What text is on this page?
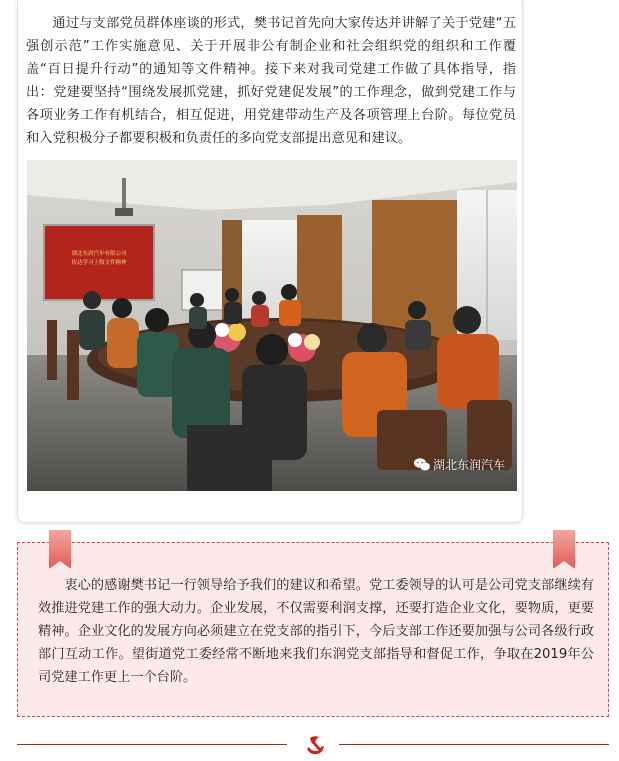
通过与支部党员群体座谈的形式，樊书记首先向大家传达并讲解了关于党建“五强创示范”工作实施意见、关于开展非公有制企业和社会组织党的组织和工作覆盖“百日提升行动”的通知等文件精神。接下来对我司党建工作做了具体指导，指出：党建要坚持“围绕发展抓党建，抓好党建促发展”的工作理念，做到党建工作与各项业务工作有机结合，相互促进，用党建带动生产及各项管理上台阶。每位党员和入党积极分子都要积极和负责任的多向党支部提出意见和建议。

湖北东润汽车有限公司
传达学习上级文件精神
湖北东润汽车

衷心的感谢樊书记一行领导给予我们的建议和希望。党工委领导的认可是公司党支部继续有效推进党建工作的强大动力。企业发展，不仅需要利润支撑，还要打造企业文化，要物质，更要精神。企业文化的发展方向必须建立在党支部的指引下，今后支部工作还要加强与公司各级行政部门互动工作。望街道党工委经常不断地来我们东润党支部指导和督促工作，争取在2019年公司党建工作更上一个台阶。
